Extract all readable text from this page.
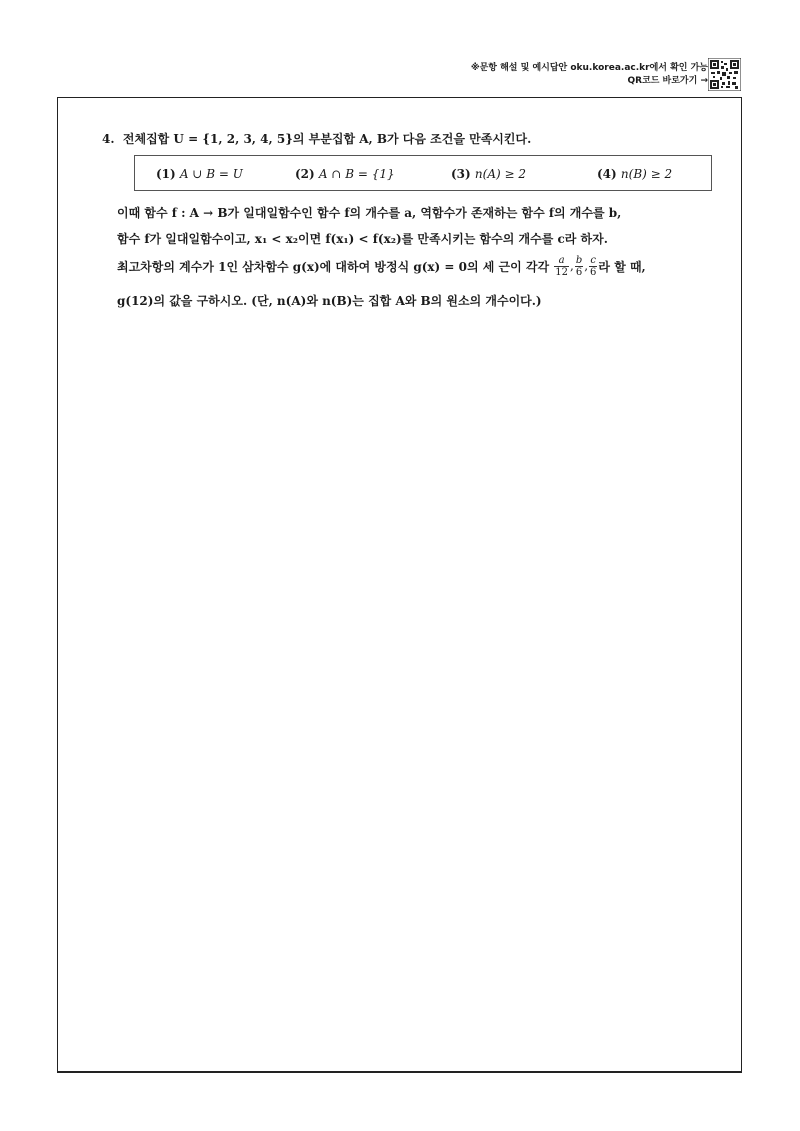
※문항 해설 및 예시답안 oku.korea.ac.kr에서 확인 가능
QR코드 바로가기 →
4. 전체집합 U = {1, 2, 3, 4, 5}의 부분집합 A, B가 다음 조건을 만족시킨다.
(1) A ∪ B = U	(2) A ∩ B = {1}	(3) n(A) ≥ 2	(4) n(B) ≥ 2
이때 함수 f : A → B가 일대일함수인 함수 f의 개수를 a, 역함수가 존재하는 함수 f의 개수를 b,
함수 f가 일대일함수이고, x₁ < x₂이면 f(x₁) < f(x₂)를 만족시키는 함수의 개수를 c라 하자.
최고차항의 계수가 1인 삼차함수 g(x)에 대하여 방정식 g(x) = 0의 세 근이 각각
$\frac{a}{12}$ , $\frac{b}{6}$ , $\frac{c}{6}$ 라 할 때,
g(12)의 값을 구하시오. (단, n(A)와 n(B)는 집합 A와 B의 원소의 개수이다.)
